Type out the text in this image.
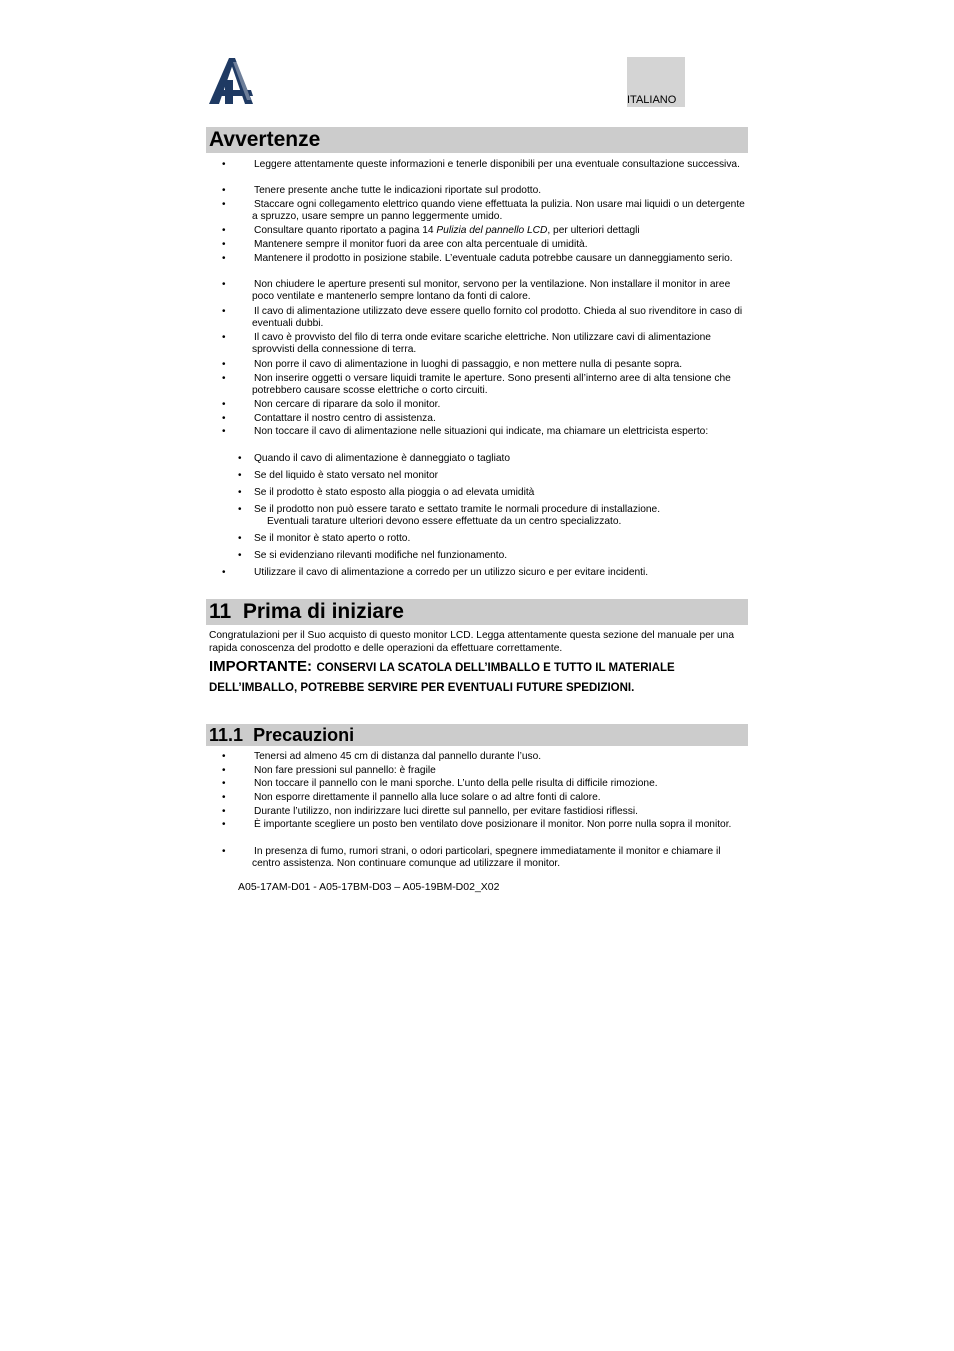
ITALIANO
Avvertenze
•	Leggere attentamente queste informazioni e tenerle disponibili per una eventuale consultazione successiva.
•	Tenere presente anche tutte le indicazioni riportate sul prodotto.
•	Staccare ogni collegamento elettrico quando viene effettuata la pulizia. Non usare mai liquidi o un detergente a spruzzo, usare sempre un panno leggermente umido.
•	Consultare quanto riportato a pagina 14 Pulizia del pannello LCD, per ulteriori dettagli
•	Mantenere sempre il monitor fuori da aree con alta percentuale di umidità.
•	Mantenere il prodotto in posizione stabile. L’eventuale caduta potrebbe causare un danneggiamento serio.
•	Non chiudere le aperture presenti sul monitor, servono per la ventilazione. Non installare il monitor in aree poco ventilate e mantenerlo sempre lontano da fonti di calore.
•	Il cavo di alimentazione utilizzato deve essere quello fornito col prodotto. Chieda al suo rivenditore in caso di eventuali dubbi.
•	Il cavo è provvisto del filo di terra onde evitare scariche elettriche. Non utilizzare cavi di alimentazione sprovvisti della connessione di terra.
•	Non porre il cavo di alimentazione in luoghi di passaggio, e non mettere nulla di pesante sopra.
•	Non inserire oggetti o versare liquidi tramite le aperture. Sono presenti all’interno aree di alta tensione che potrebbero causare scosse elettriche o corto circuiti.
•	Non cercare di riparare da solo il monitor.
•	Contattare il nostro centro di assistenza.
•	Non toccare il cavo di alimentazione nelle situazioni qui indicate, ma chiamare un elettricista esperto:
• Quando il cavo di alimentazione è danneggiato o tagliato
• Se del liquido è stato versato nel monitor
• Se il prodotto è stato esposto alla pioggia o ad elevata umidità
• Se il prodotto non può essere tarato e settato tramite le normali procedure di installazione.
Eventuali tarature ulteriori devono essere effettuate da un centro specializzato.
• Se il monitor è stato aperto o rotto.
• Se si evidenziano rilevanti modifiche nel funzionamento.
•	Utilizzare il cavo di alimentazione a corredo per un utilizzo sicuro e per evitare incidenti.
11 Prima di iniziare
Congratulazioni per il Suo acquisto di questo monitor LCD. Legga attentamente questa sezione del manuale per una rapida conoscenza del prodotto e delle operazioni da effettuare correttamente.
IMPORTANTE: CONSERVI LA SCATOLA DELL’IMBALLO E TUTTO IL MATERIALE
DELL’IMBALLO, POTREBBE SERVIRE PER EVENTUALI FUTURE SPEDIZIONI.
11.1 Precauzioni
•	Tenersi ad almeno 45 cm di distanza dal pannello durante l’uso.
•	Non fare pressioni sul pannello: è fragile
•	Non toccare il pannello con le mani sporche. L’unto della pelle risulta di difficile rimozione.
•	Non esporre direttamente il pannello alla luce solare o ad altre fonti di calore.
•	Durante l’utilizzo, non indirizzare luci dirette sul pannello, per evitare fastidiosi riflessi.
•	È importante scegliere un posto ben ventilato dove posizionare il monitor. Non porre nulla sopra il monitor.
•	In presenza di fumo, rumori strani, o odori particolari, spegnere immediatamente il monitor e chiamare il centro assistenza. Non continuare comunque ad utilizzare il monitor.
A05-17AM-D01 - A05-17BM-D03 – A05-19BM-D02_X02
